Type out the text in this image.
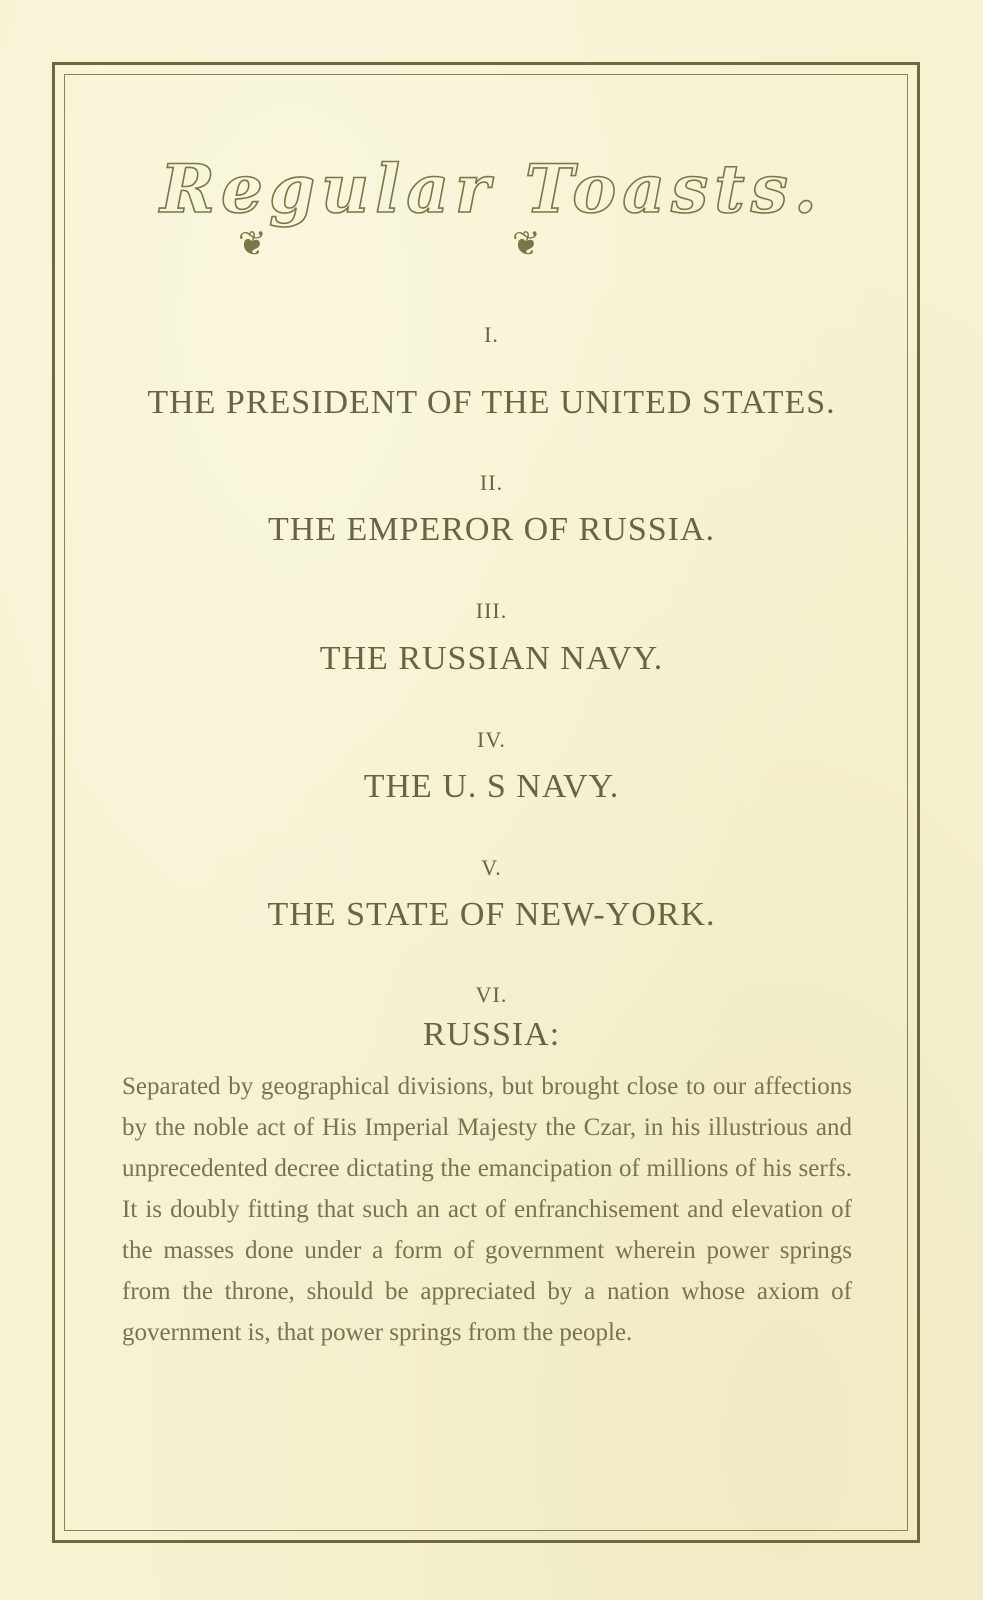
Regular Toasts.
❦	❦
I.
THE PRESIDENT OF THE UNITED STATES.
II.
THE EMPEROR OF RUSSIA.
III.
THE RUSSIAN NAVY.
IV.
THE U. S NAVY.
V.
THE STATE OF NEW-YORK.
VI.
RUSSIA:
Separated by geographical divisions, but brought close to our affections by the noble act of His Imperial Majesty the Czar, in his illustrious and unprecedented decree dictating the emancipation of millions of his serfs. It is doubly fitting that such an act of enfranchisement and elevation of the masses done under a form of government wherein power springs from the throne, should be appreciated by a nation whose axiom of government is, that power springs from the people.
